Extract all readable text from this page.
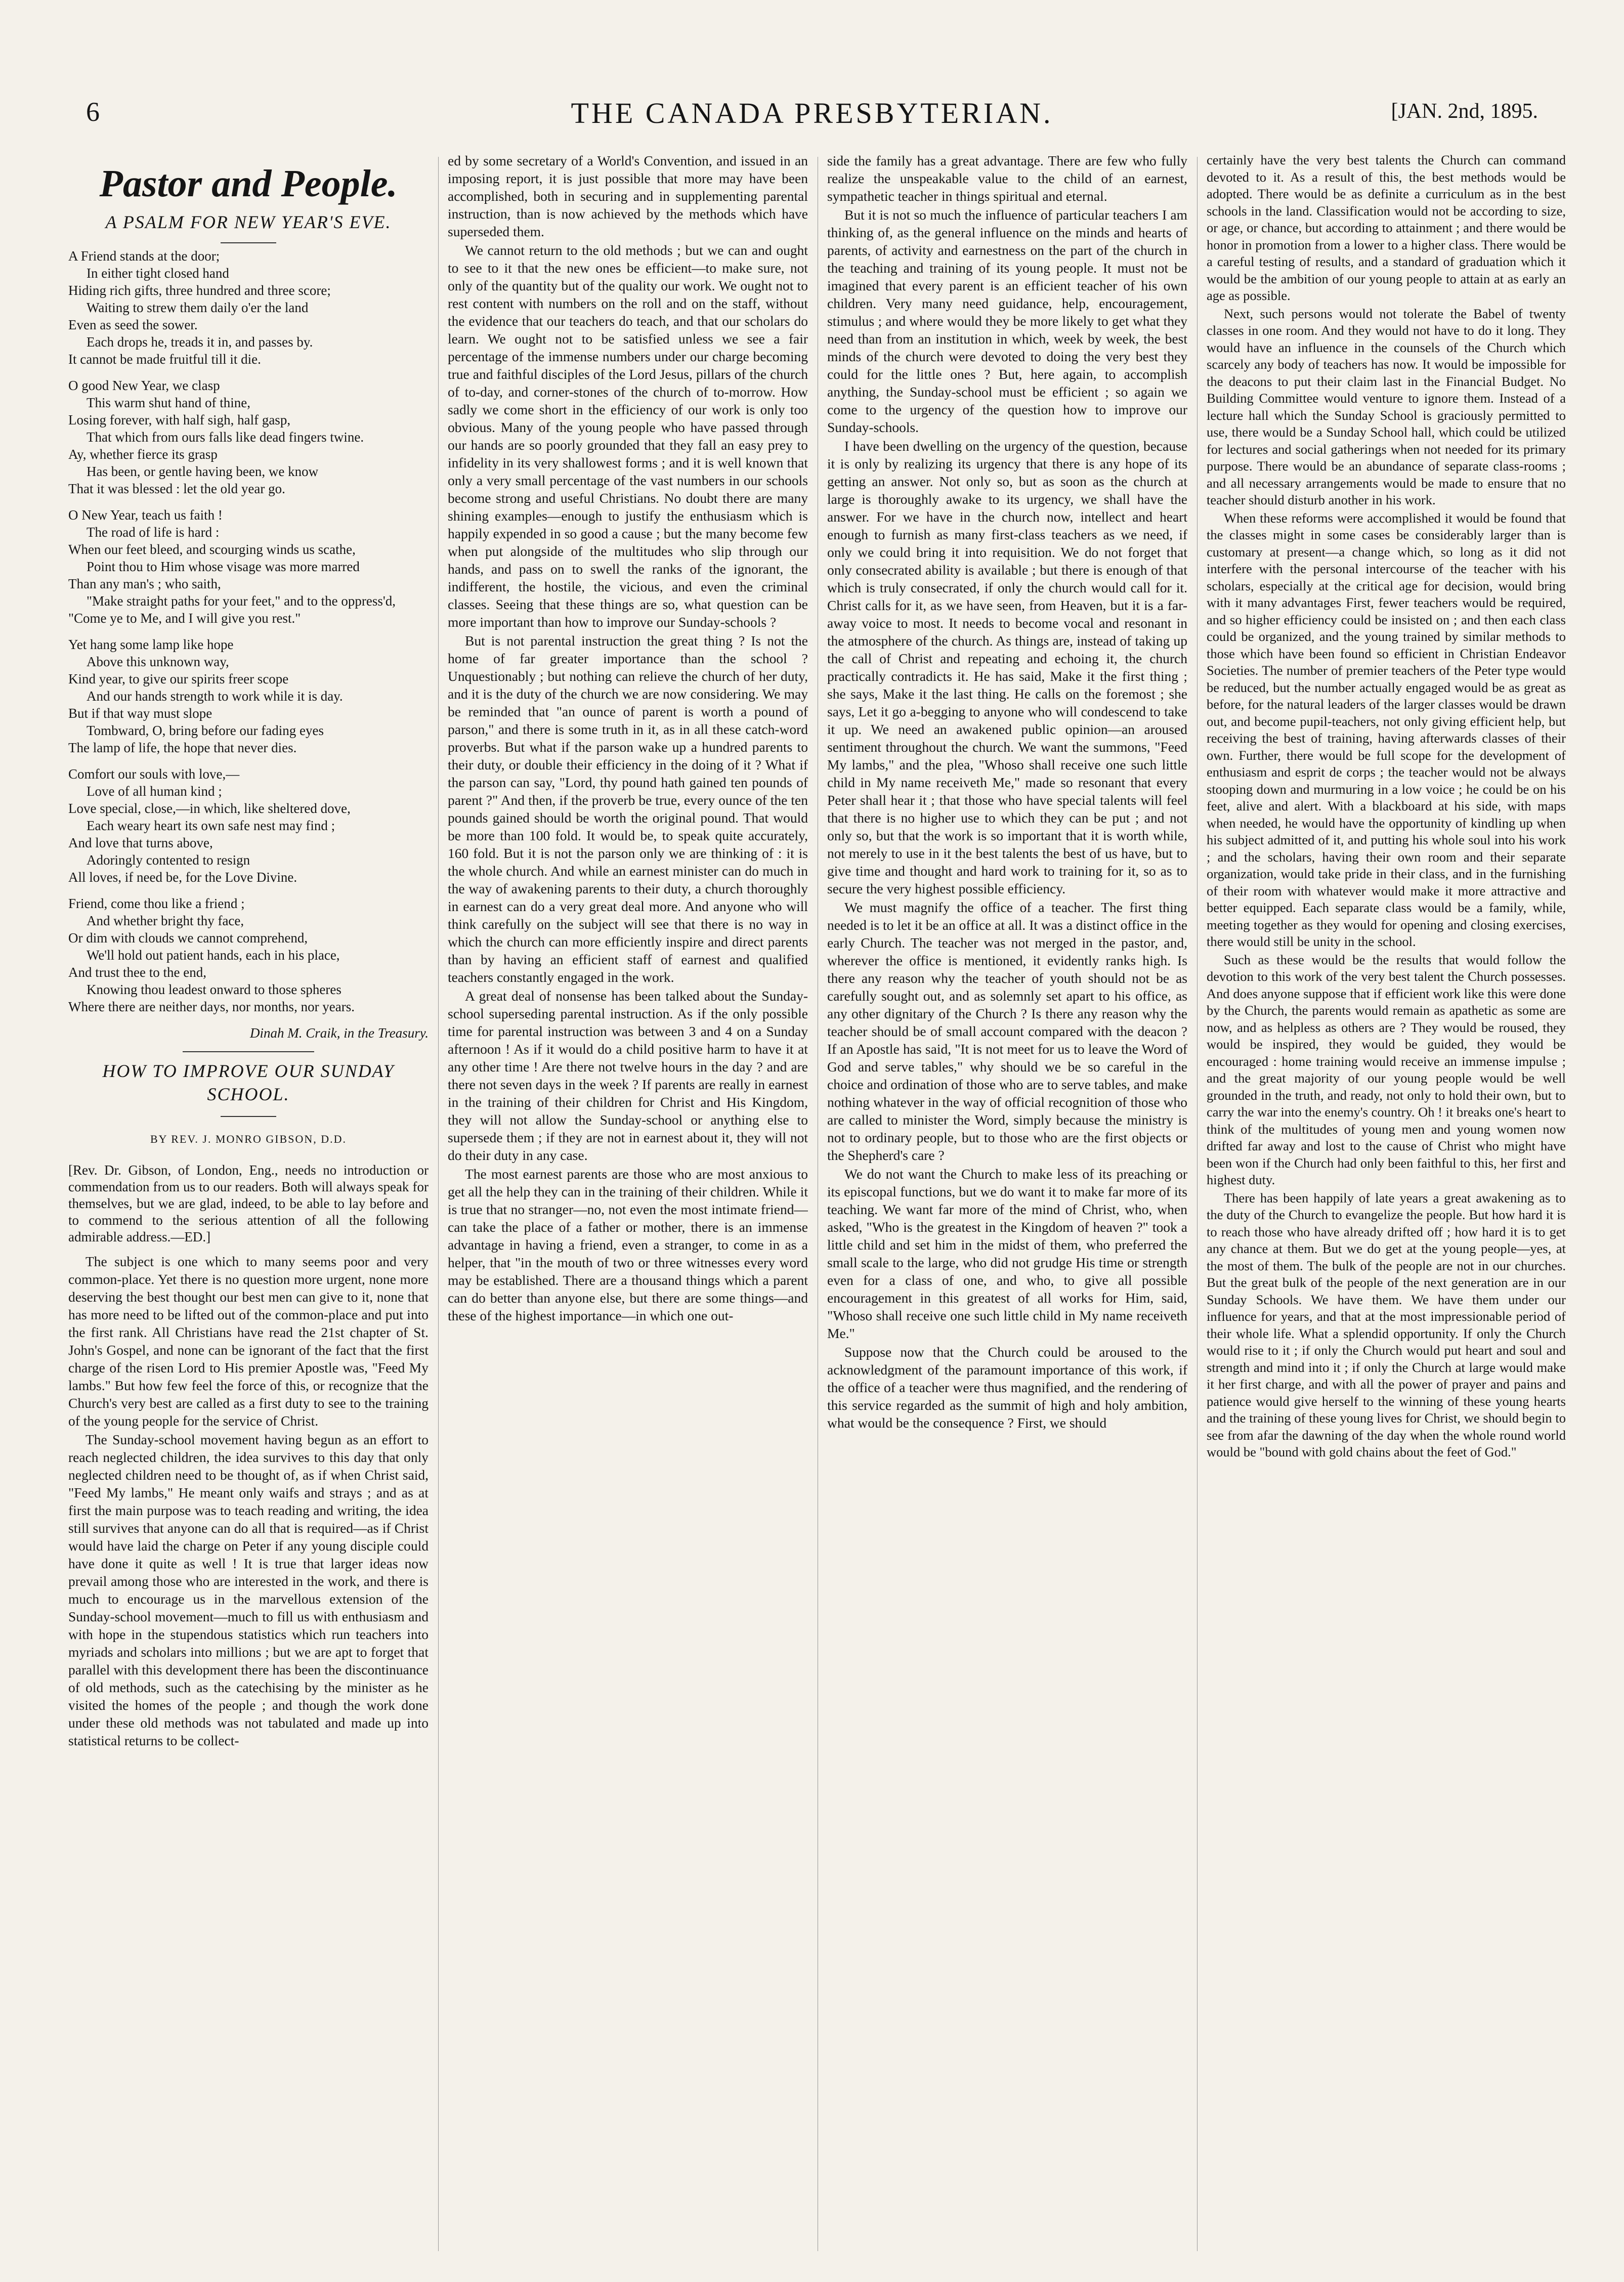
6	THE CANADA PRESBYTERIAN.	[JAN. 2nd, 1895.
Pastor and People.
A PSALM FOR NEW YEAR'S EVE.
A Friend stands at the door;
In either tight closed hand
Hiding rich gifts, three hundred and three score;
Waiting to strew them daily o'er the land
Even as seed the sower.
Each drops he, treads it in, and passes by.
It cannot be made fruitful till it die.
O good New Year, we clasp
This warm shut hand of thine,
Losing forever, with half sigh, half gasp,
That which from ours falls like dead fingers twine.
Ay, whether fierce its grasp
Has been, or gentle having been, we know
That it was blessed : let the old year go.
O New Year, teach us faith !
The road of life is hard :
When our feet bleed, and scourging winds us scathe,
Point thou to Him whose visage was more marred
Than any man's ; who saith,
"Make straight paths for your feet," and to the oppress'd,
"Come ye to Me, and I will give you rest."
Yet hang some lamp like hope
Above this unknown way,
Kind year, to give our spirits freer scope
And our hands strength to work while it is day.
But if that way must slope
Tombward, O, bring before our fading eyes
The lamp of life, the hope that never dies.
Comfort our souls with love,—
Love of all human kind ;
Love special, close,—in which, like sheltered dove,
Each weary heart its own safe nest may find ;
And love that turns above,
Adoringly contented to resign
All loves, if need be, for the Love Divine.
Friend, come thou like a friend ;
And whether bright thy face,
Or dim with clouds we cannot comprehend,
We'll hold out patient hands, each in his place,
And trust thee to the end,
Knowing thou leadest onward to those spheres
Where there are neither days, nor months, nor years.
Dinah M. Craik, in the Treasury.
HOW TO IMPROVE OUR SUNDAY SCHOOL.
BY REV. J. MONRO GIBSON, D.D.

[Rev. Dr. Gibson, of London, Eng., needs no introduction or commendation from us to our readers. Both will always speak for themselves, but we are glad, indeed, to be able to lay before and to commend to the serious attention of all the following admirable address.—ED.]

The subject is one which to many seems poor and very common-place. Yet there is no question more urgent, none more deserving the best thought our best men can give to it, none that has more need to be lifted out of the common-place and put into the first rank. All Christians have read the 21st chapter of St. John's Gospel, and none can be ignorant of the fact that the first charge of the risen Lord to His premier Apostle was, "Feed My lambs." But how few feel the force of this, or recognize that the Church's very best are called as a first duty to see to the training of the young people for the service of Christ.

The Sunday-school movement having begun as an effort to reach neglected children, the idea survives to this day that only neglected children need to be thought of, as if when Christ said, "Feed My lambs," He meant only waifs and strays ; and as at first the main purpose was to teach reading and writing, the idea still survives that anyone can do all that is required—as if Christ would have laid the charge on Peter if any young disciple could have done it quite as well ! It is true that larger ideas now prevail among those who are interested in the work, and there is much to encourage us in the marvellous extension of the Sunday-school movement—much to fill us with enthusiasm and with hope in the stupendous statistics which run teachers into myriads and scholars into millions ; but we are apt to forget that parallel with this development there has been the discontinuance of old methods, such as the catechising by the minister as he visited the homes of the people ; and though the work done under these old methods was not tabulated and made up into statistical returns to be collect-

ed by some secretary of a World's Convention, and issued in an imposing report, it is just possible that more may have been accomplished, both in securing and in supplementing parental instruction, than is now achieved by the methods which have superseded them.

We cannot return to the old methods ; but we can and ought to see to it that the new ones be efficient—to make sure, not only of the quantity but of the quality our work. We ought not to rest content with numbers on the roll and on the staff, without the evidence that our teachers do teach, and that our scholars do learn. We ought not to be satisfied unless we see a fair percentage of the immense numbers under our charge becoming true and faithful disciples of the Lord Jesus, pillars of the church of to-day, and corner-stones of the church of to-morrow. How sadly we come short in the efficiency of our work is only too obvious. Many of the young people who have passed through our hands are so poorly grounded that they fall an easy prey to infidelity in its very shallowest forms ; and it is well known that only a very small percentage of the vast numbers in our schools become strong and useful Christians. No doubt there are many shining examples—enough to justify the enthusiasm which is happily expended in so good a cause ; but the many become few when put alongside of the multitudes who slip through our hands, and pass on to swell the ranks of the ignorant, the indifferent, the hostile, the vicious, and even the criminal classes. Seeing that these things are so, what question can be more important than how to improve our Sunday-schools ?

But is not parental instruction the great thing ? Is not the home of far greater importance than the school ? Unquestionably ; but nothing can relieve the church of her duty, and it is the duty of the church we are now considering. We may be reminded that "an ounce of parent is worth a pound of parson," and there is some truth in it, as in all these catch-word proverbs. But what if the parson wake up a hundred parents to their duty, or double their efficiency in the doing of it ? What if the parson can say, "Lord, thy pound hath gained ten pounds of parent ?" And then, if the proverb be true, every ounce of the ten pounds gained should be worth the original pound. That would be more than 100 fold. It would be, to speak quite accurately, 160 fold. But it is not the parson only we are thinking of : it is the whole church. And while an earnest minister can do much in the way of awakening parents to their duty, a church thoroughly in earnest can do a very great deal more. And anyone who will think carefully on the subject will see that there is no way in which the church can more efficiently inspire and direct parents than by having an efficient staff of earnest and qualified teachers constantly engaged in the work.

A great deal of nonsense has been talked about the Sunday-school superseding parental instruction. As if the only possible time for parental instruction was between 3 and 4 on a Sunday afternoon ! As if it would do a child positive harm to have it at any other time ! Are there not twelve hours in the day ? and are there not seven days in the week ? If parents are really in earnest in the training of their children for Christ and His Kingdom, they will not allow the Sunday-school or anything else to supersede them ; if they are not in earnest about it, they will not do their duty in any case.

The most earnest parents are those who are most anxious to get all the help they can in the training of their children. While it is true that no stranger—no, not even the most intimate friend—can take the place of a father or mother, there is an immense advantage in having a friend, even a stranger, to come in as a helper, that "in the mouth of two or three witnesses every word may be established. There are a thousand things which a parent can do better than anyone else, but there are some things—and these of the highest importance—in which one out-

side the family has a great advantage. There are few who fully realize the unspeakable value to the child of an earnest, sympathetic teacher in things spiritual and eternal.

But it is not so much the influence of particular teachers I am thinking of, as the general influence on the minds and hearts of parents, of activity and earnestness on the part of the church in the teaching and training of its young people. It must not be imagined that every parent is an efficient teacher of his own children. Very many need guidance, help, encouragement, stimulus ; and where would they be more likely to get what they need than from an institution in which, week by week, the best minds of the church were devoted to doing the very best they could for the little ones ? But, here again, to accomplish anything, the Sunday-school must be efficient ; so again we come to the urgency of the question how to improve our Sunday-schools.

I have been dwelling on the urgency of the question, because it is only by realizing its urgency that there is any hope of its getting an answer. Not only so, but as soon as the church at large is thoroughly awake to its urgency, we shall have the answer. For we have in the church now, intellect and heart enough to furnish as many first-class teachers as we need, if only we could bring it into requisition. We do not forget that only consecrated ability is available ; but there is enough of that which is truly consecrated, if only the church would call for it. Christ calls for it, as we have seen, from Heaven, but it is a far-away voice to most. It needs to become vocal and resonant in the atmosphere of the church. As things are, instead of taking up the call of Christ and repeating and echoing it, the church practically contradicts it. He has said, Make it the first thing ; she says, Make it the last thing. He calls on the foremost ; she says, Let it go a-begging to anyone who will condescend to take it up. We need an awakened public opinion—an aroused sentiment throughout the church. We want the summons, "Feed My lambs," and the plea, "Whoso shall receive one such little child in My name receiveth Me," made so resonant that every Peter shall hear it ; that those who have special talents will feel that there is no higher use to which they can be put ; and not only so, but that the work is so important that it is worth while, not merely to use in it the best talents the best of us have, but to give time and thought and hard work to training for it, so as to secure the very highest possible efficiency.

We must magnify the office of a teacher. The first thing needed is to let it be an office at all. It was a distinct office in the early Church. The teacher was not merged in the pastor, and, wherever the office is mentioned, it evidently ranks high. Is there any reason why the teacher of youth should not be as carefully sought out, and as solemnly set apart to his office, as any other dignitary of the Church ? Is there any reason why the teacher should be of small account compared with the deacon ? If an Apostle has said, "It is not meet for us to leave the Word of God and serve tables," why should we be so careful in the choice and ordination of those who are to serve tables, and make nothing whatever in the way of official recognition of those who are called to minister the Word, simply because the ministry is not to ordinary people, but to those who are the first objects or the Shepherd's care ?

We do not want the Church to make less of its preaching or its episcopal functions, but we do want it to make far more of its teaching. We want far more of the mind of Christ, who, when asked, "Who is the greatest in the Kingdom of heaven ?" took a little child and set him in the midst of them, who preferred the small scale to the large, who did not grudge His time or strength even for a class of one, and who, to give all possible encouragement in this greatest of all works for Him, said, "Whoso shall receive one such little child in My name receiveth Me."

Suppose now that the Church could be aroused to the acknowledgment of the paramount importance of this work, if the office of a teacher were thus magnified, and the rendering of this service regarded as the summit of high and holy ambition, what would be the consequence ? First, we should

certainly have the very best talents the Church can command devoted to it. As a result of this, the best methods would be adopted. There would be as definite a curriculum as in the best schools in the land. Classification would not be according to size, or age, or chance, but according to attainment ; and there would be honor in promotion from a lower to a higher class. There would be a careful testing of results, and a standard of graduation which it would be the ambition of our young people to attain at as early an age as possible.

Next, such persons would not tolerate the Babel of twenty classes in one room. And they would not have to do it long. They would have an influence in the counsels of the Church which scarcely any body of teachers has now. It would be impossible for the deacons to put their claim last in the Financial Budget. No Building Committee would venture to ignore them. Instead of a lecture hall which the Sunday School is graciously permitted to use, there would be a Sunday School hall, which could be utilized for lectures and social gatherings when not needed for its primary purpose. There would be an abundance of separate class-rooms ; and all necessary arrangements would be made to ensure that no teacher should disturb another in his work.

When these reforms were accomplished it would be found that the classes might in some cases be considerably larger than is customary at present—a change which, so long as it did not interfere with the personal intercourse of the teacher with his scholars, especially at the critical age for decision, would bring with it many advantages First, fewer teachers would be required, and so higher efficiency could be insisted on ; and then each class could be organized, and the young trained by similar methods to those which have been found so efficient in Christian Endeavor Societies. The number of premier teachers of the Peter type would be reduced, but the number actually engaged would be as great as before, for the natural leaders of the larger classes would be drawn out, and become pupil-teachers, not only giving efficient help, but receiving the best of training, having afterwards classes of their own. Further, there would be full scope for the development of enthusiasm and esprit de corps ; the teacher would not be always stooping down and murmuring in a low voice ; he could be on his feet, alive and alert. With a blackboard at his side, with maps when needed, he would have the opportunity of kindling up when his subject admitted of it, and putting his whole soul into his work ; and the scholars, having their own room and their separate organization, would take pride in their class, and in the furnishing of their room with whatever would make it more attractive and better equipped. Each separate class would be a family, while, meeting together as they would for opening and closing exercises, there would still be unity in the school.

Such as these would be the results that would follow the devotion to this work of the very best talent the Church possesses. And does anyone suppose that if efficient work like this were done by the Church, the parents would remain as apathetic as some are now, and as helpless as others are ? They would be roused, they would be inspired, they would be guided, they would be encouraged : home training would receive an immense impulse ; and the great majority of our young people would be well grounded in the truth, and ready, not only to hold their own, but to carry the war into the enemy's country. Oh ! it breaks one's heart to think of the multitudes of young men and young women now drifted far away and lost to the cause of Christ who might have been won if the Church had only been faithful to this, her first and highest duty.

There has been happily of late years a great awakening as to the duty of the Church to evangelize the people. But how hard it is to reach those who have already drifted off ; how hard it is to get any chance at them. But we do get at the young people—yes, at the most of them. The bulk of the people are not in our churches. But the great bulk of the people of the next generation are in our Sunday Schools. We have them. We have them under our influence for years, and that at the most impressionable period of their whole life. What a splendid opportunity. If only the Church would rise to it ; if only the Church would put heart and soul and strength and mind into it ; if only the Church at large would make it her first charge, and with all the power of prayer and pains and patience would give herself to the winning of these young hearts and the training of these young lives for Christ, we should begin to see from afar the dawning of the day when the whole round world would be "bound with gold chains about the feet of God."
